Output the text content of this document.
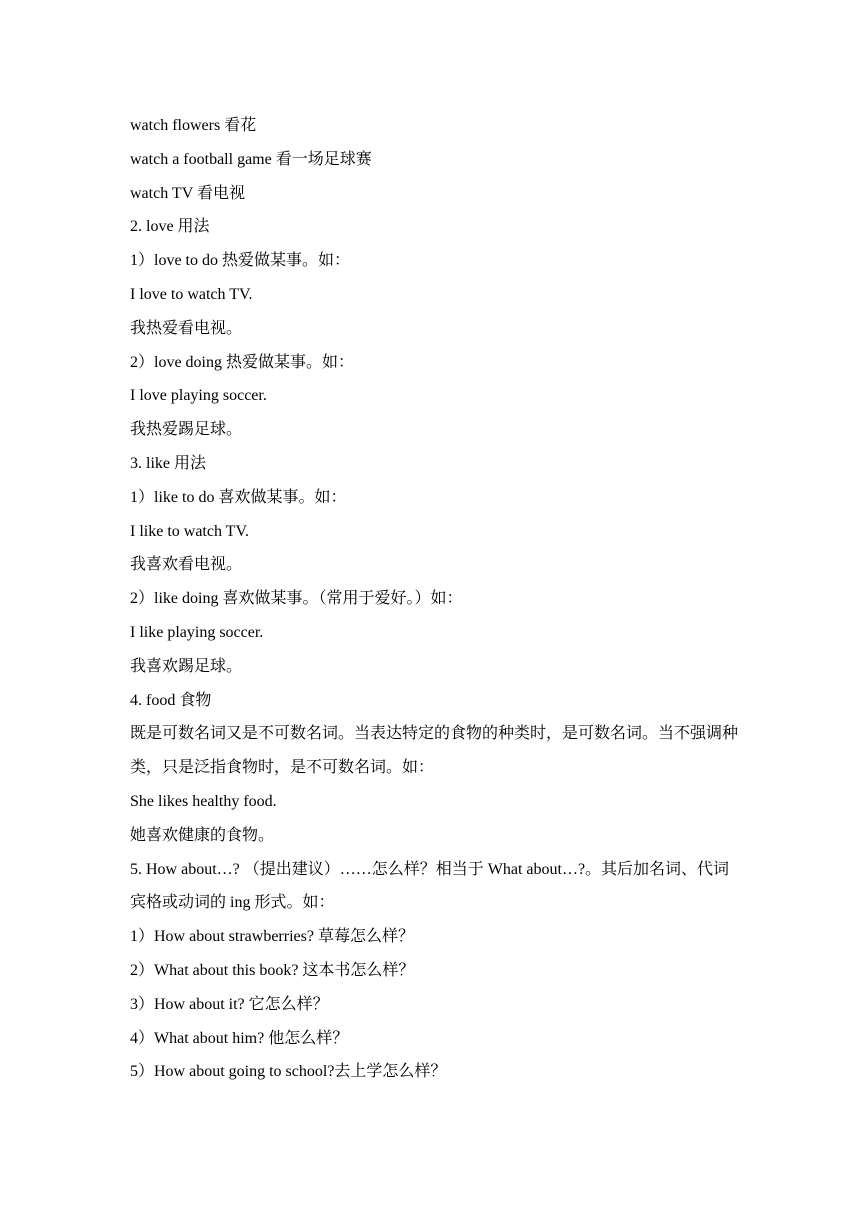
watch flowers 看花

watch a football game 看一场足球赛

watch TV 看电视

2. love 用法

1）love to do 热爱做某事。如：

I love to watch TV.

我热爱看电视。

2）love doing 热爱做某事。如：

I love playing soccer.

我热爱踢足球。

3. like 用法

1）like to do 喜欢做某事。如：

I like to watch TV.

我喜欢看电视。

2）like doing 喜欢做某事。（常用于爱好。）如：

I like playing soccer.

我喜欢踢足球。

4. food 食物

既是可数名词又是不可数名词。当表达特定的食物的种类时，是可数名词。当不强调种类，只是泛指食物时，是不可数名词。如：

She likes healthy food.

她喜欢健康的食物。

5. How about…? （提出建议）……怎么样？相当于 What about…?。其后加名词、代词宾格或动词的 ing 形式。如：

1）How about strawberries? 草莓怎么样？

2）What about this book? 这本书怎么样？

3）How about it? 它怎么样？

4）What about him? 他怎么样？

5）How about going to school?去上学怎么样？
